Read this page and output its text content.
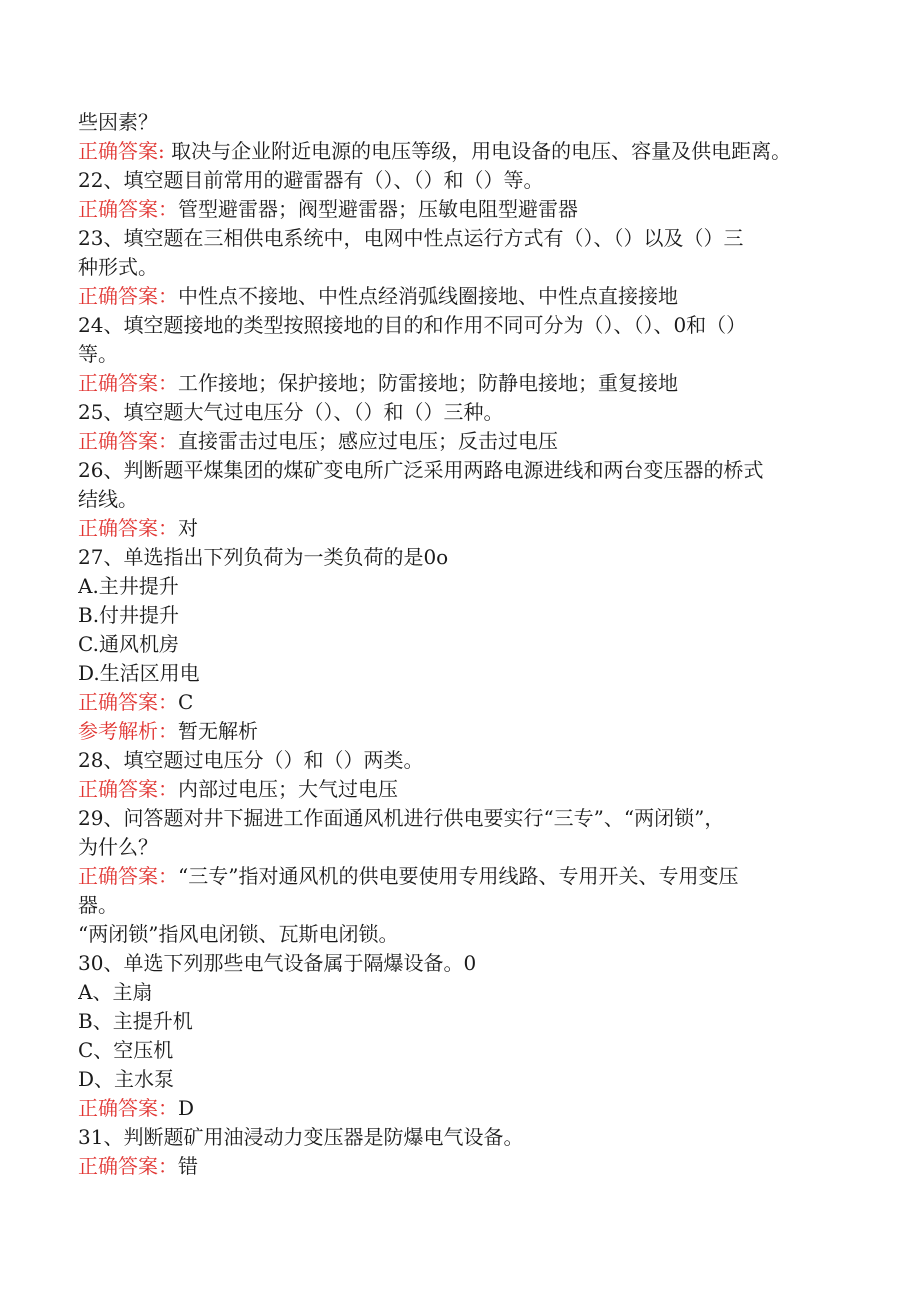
些因素？
正确答案: 取决与企业附近电源的电压等级，用电设备的电压、容量及供电距离。
22、填空题目前常用的避雷器有（）、（）和（）等。
正确答案：管型避雷器；阀型避雷器；压敏电阻型避雷器
23、填空题在三相供电系统中，电网中性点运行方式有（）、（）以及（）三
种形式。
正确答案：中性点不接地、中性点经消弧线圈接地、中性点直接接地
24、填空题接地的类型按照接地的目的和作用不同可分为（）、（）、0和（）
等。
正确答案：工作接地；保护接地；防雷接地；防静电接地；重复接地
25、填空题大气过电压分（）、（）和（）三种。
正确答案：直接雷击过电压；感应过电压；反击过电压
26、判断题平煤集团的煤矿变电所广泛采用两路电源进线和两台变压器的桥式
结线。
正确答案：对
27、单选指出下列负荷为一类负荷的是0o
A.主井提升
B.付井提升
C.通风机房
D.生活区用电
正确答案：C
参考解析：暂无解析
28、填空题过电压分（）和（）两类。
正确答案：内部过电压；大气过电压
29、问答题对井下掘进工作面通风机进行供电要实行“三专”、“两闭锁”，
为什么？
正确答案：“三专”指对通风机的供电要使用专用线路、专用开关、专用变压
器。
“两闭锁”指风电闭锁、瓦斯电闭锁。
30、单选下列那些电气设备属于隔爆设备。0
A、主扇
B、主提升机
C、空压机
D、主水泵
正确答案：D
31、判断题矿用油浸动力变压器是防爆电气设备。
正确答案：错
